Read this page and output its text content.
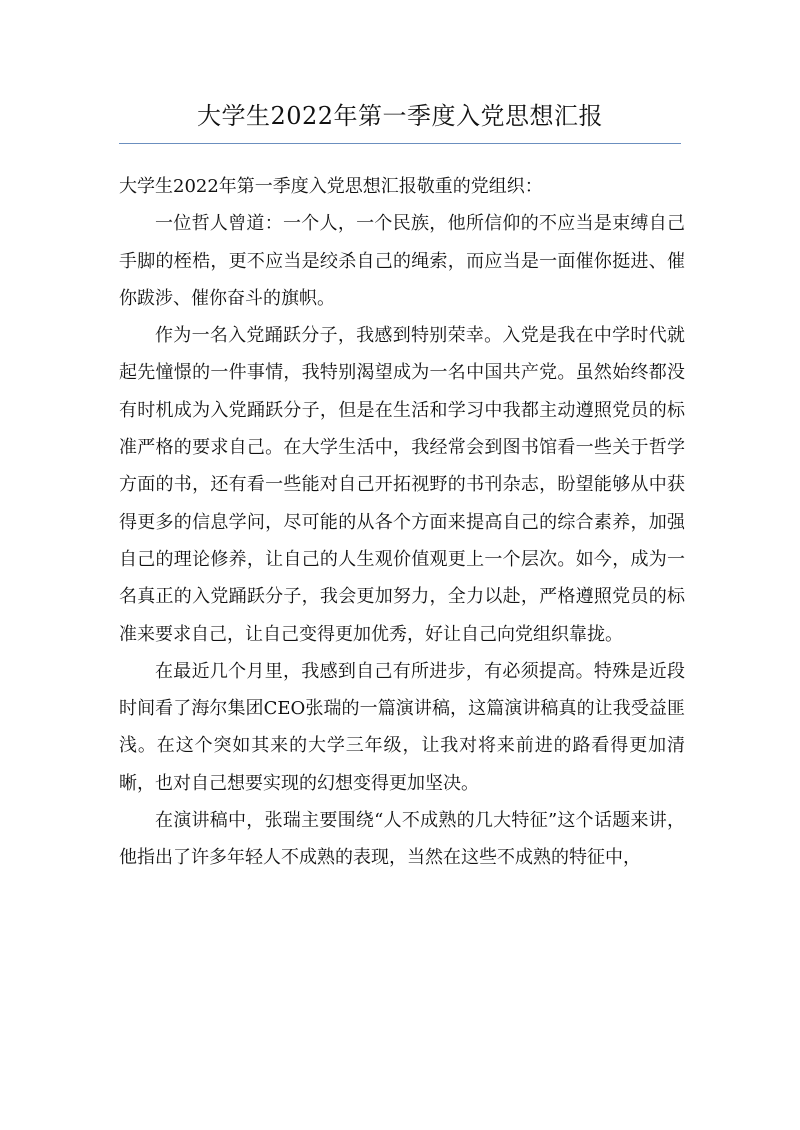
大学生2022年第一季度入党思想汇报

大学生2022年第一季度入党思想汇报敬重的党组织：

一位哲人曾道：一个人，一个民族，他所信仰的不应当是束缚自己手脚的桎梏，更不应当是绞杀自己的绳索，而应当是一面催你挺进、催你跋涉、催你奋斗的旗帜。

作为一名入党踊跃分子，我感到特别荣幸。入党是我在中学时代就起先憧憬的一件事情，我特别渴望成为一名中国共产党。虽然始终都没有时机成为入党踊跃分子，但是在生活和学习中我都主动遵照党员的标准严格的要求自己。在大学生活中，我经常会到图书馆看一些关于哲学方面的书，还有看一些能对自己开拓视野的书刊杂志，盼望能够从中获得更多的信息学问，尽可能的从各个方面来提高自己的综合素养，加强自己的理论修养，让自己的人生观价值观更上一个层次。如今，成为一名真正的入党踊跃分子，我会更加努力，全力以赴，严格遵照党员的标准来要求自己，让自己变得更加优秀，好让自己向党组织靠拢。

在最近几个月里，我感到自己有所进步，有必须提高。特殊是近段时间看了海尔集团CEO张瑞的一篇演讲稿，这篇演讲稿真的让我受益匪浅。在这个突如其来的大学三年级，让我对将来前进的路看得更加清晰，也对自己想要实现的幻想变得更加坚决。

在演讲稿中，张瑞主要围绕“人不成熟的几大特征”这个话题来讲，他指出了许多年轻人不成熟的表现，当然在这些不成熟的特征中，
